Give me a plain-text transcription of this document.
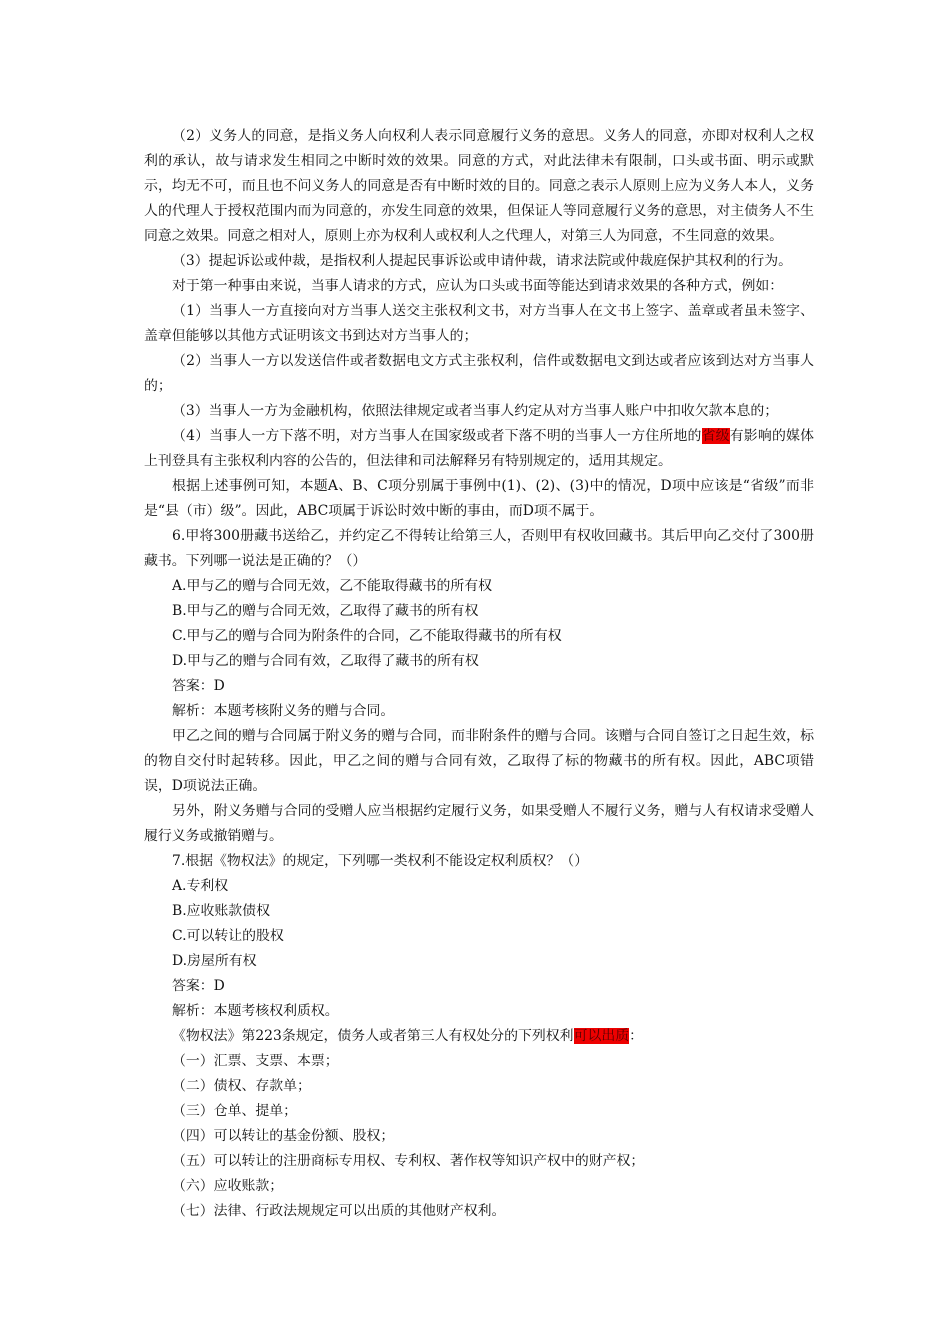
（2）义务人的同意，是指义务人向权利人表示同意履行义务的意思。义务人的同意，亦即对权利人之权利的承认，故与请求发生相同之中断时效的效果。同意的方式，对此法律未有限制，口头或书面、明示或默示，均无不可，而且也不问义务人的同意是否有中断时效的目的。同意之表示人原则上应为义务人本人，义务人的代理人于授权范围内而为同意的，亦发生同意的效果，但保证人等同意履行义务的意思，对主债务人不生同意之效果。同意之相对人，原则上亦为权利人或权利人之代理人，对第三人为同意，不生同意的效果。

（3）提起诉讼或仲裁，是指权利人提起民事诉讼或申请仲裁，请求法院或仲裁庭保护其权利的行为。

对于第一种事由来说，当事人请求的方式，应认为口头或书面等能达到请求效果的各种方式，例如：

（1）当事人一方直接向对方当事人送交主张权利文书，对方当事人在文书上签字、盖章或者虽未签字、盖章但能够以其他方式证明该文书到达对方当事人的；

（2）当事人一方以发送信件或者数据电文方式主张权利，信件或数据电文到达或者应该到达对方当事人的；

（3）当事人一方为金融机构，依照法律规定或者当事人约定从对方当事人账户中扣收欠款本息的；

（4）当事人一方下落不明，对方当事人在国家级或者下落不明的当事人一方住所地的省级有影响的媒体上刊登具有主张权利内容的公告的，但法律和司法解释另有特别规定的，适用其规定。

根据上述事例可知，本题A、B、C项分别属于事例中(1)、(2)、(3)中的情况，D项中应该是“省级”而非是“县（市）级”。因此，ABC项属于诉讼时效中断的事由，而D项不属于。

6.甲将300册藏书送给乙，并约定乙不得转让给第三人，否则甲有权收回藏书。其后甲向乙交付了300册藏书。下列哪一说法是正确的？（）

A.甲与乙的赠与合同无效，乙不能取得藏书的所有权

B.甲与乙的赠与合同无效，乙取得了藏书的所有权

C.甲与乙的赠与合同为附条件的合同，乙不能取得藏书的所有权

D.甲与乙的赠与合同有效，乙取得了藏书的所有权

答案：D

解析：本题考核附义务的赠与合同。

甲乙之间的赠与合同属于附义务的赠与合同，而非附条件的赠与合同。该赠与合同自签订之日起生效，标的物自交付时起转移。因此，甲乙之间的赠与合同有效，乙取得了标的物藏书的所有权。因此，ABC项错误，D项说法正确。

另外，附义务赠与合同的受赠人应当根据约定履行义务，如果受赠人不履行义务，赠与人有权请求受赠人履行义务或撤销赠与。

7.根据《物权法》的规定，下列哪一类权利不能设定权利质权？（）

A.专利权

B.应收账款债权

C.可以转让的股权

D.房屋所有权

答案：D

解析：本题考核权利质权。

《物权法》第223条规定，债务人或者第三人有权处分的下列权利可以出质：

（一）汇票、支票、本票；

（二）债权、存款单；

（三）仓单、提单；

（四）可以转让的基金份额、股权；

（五）可以转让的注册商标专用权、专利权、著作权等知识产权中的财产权；

（六）应收账款；

（七）法律、行政法规规定可以出质的其他财产权利。
